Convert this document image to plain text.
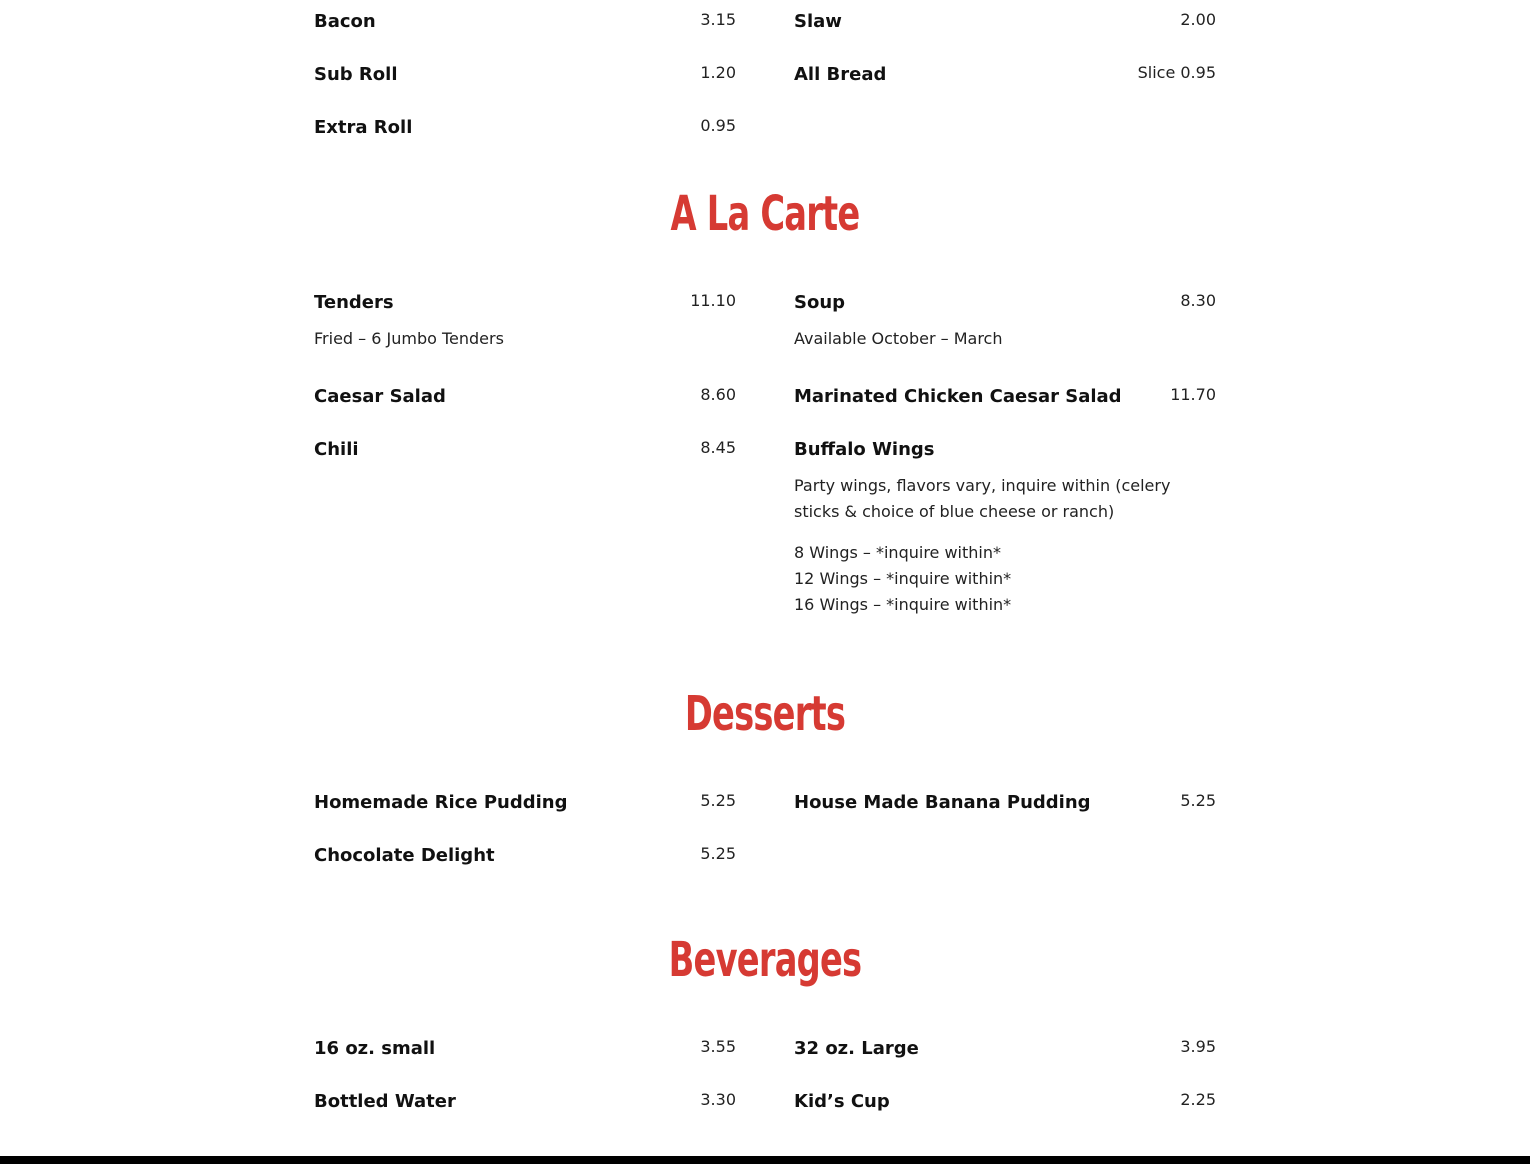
Bacon	3.15	Slaw	2.00
Sub Roll	1.20	All Bread	Slice 0.95
Extra Roll	0.95
A La Carte
Tenders	11.10
Fried – 6 Jumbo Tenders
Soup	8.30
Available October – March
Caesar Salad	8.60	Marinated Chicken Caesar Salad	11.70
Chili	8.45	Buffalo Wings
Party wings, flavors vary, inquire within (celery sticks & choice of blue cheese or ranch)
8 Wings – *inquire within*
12 Wings – *inquire within*
16 Wings – *inquire within*
Desserts
Homemade Rice Pudding	5.25	House Made Banana Pudding	5.25
Chocolate Delight	5.25
Beverages
16 oz. small	3.55	32 oz. Large	3.95
Bottled Water	3.30	Kid’s Cup	2.25
